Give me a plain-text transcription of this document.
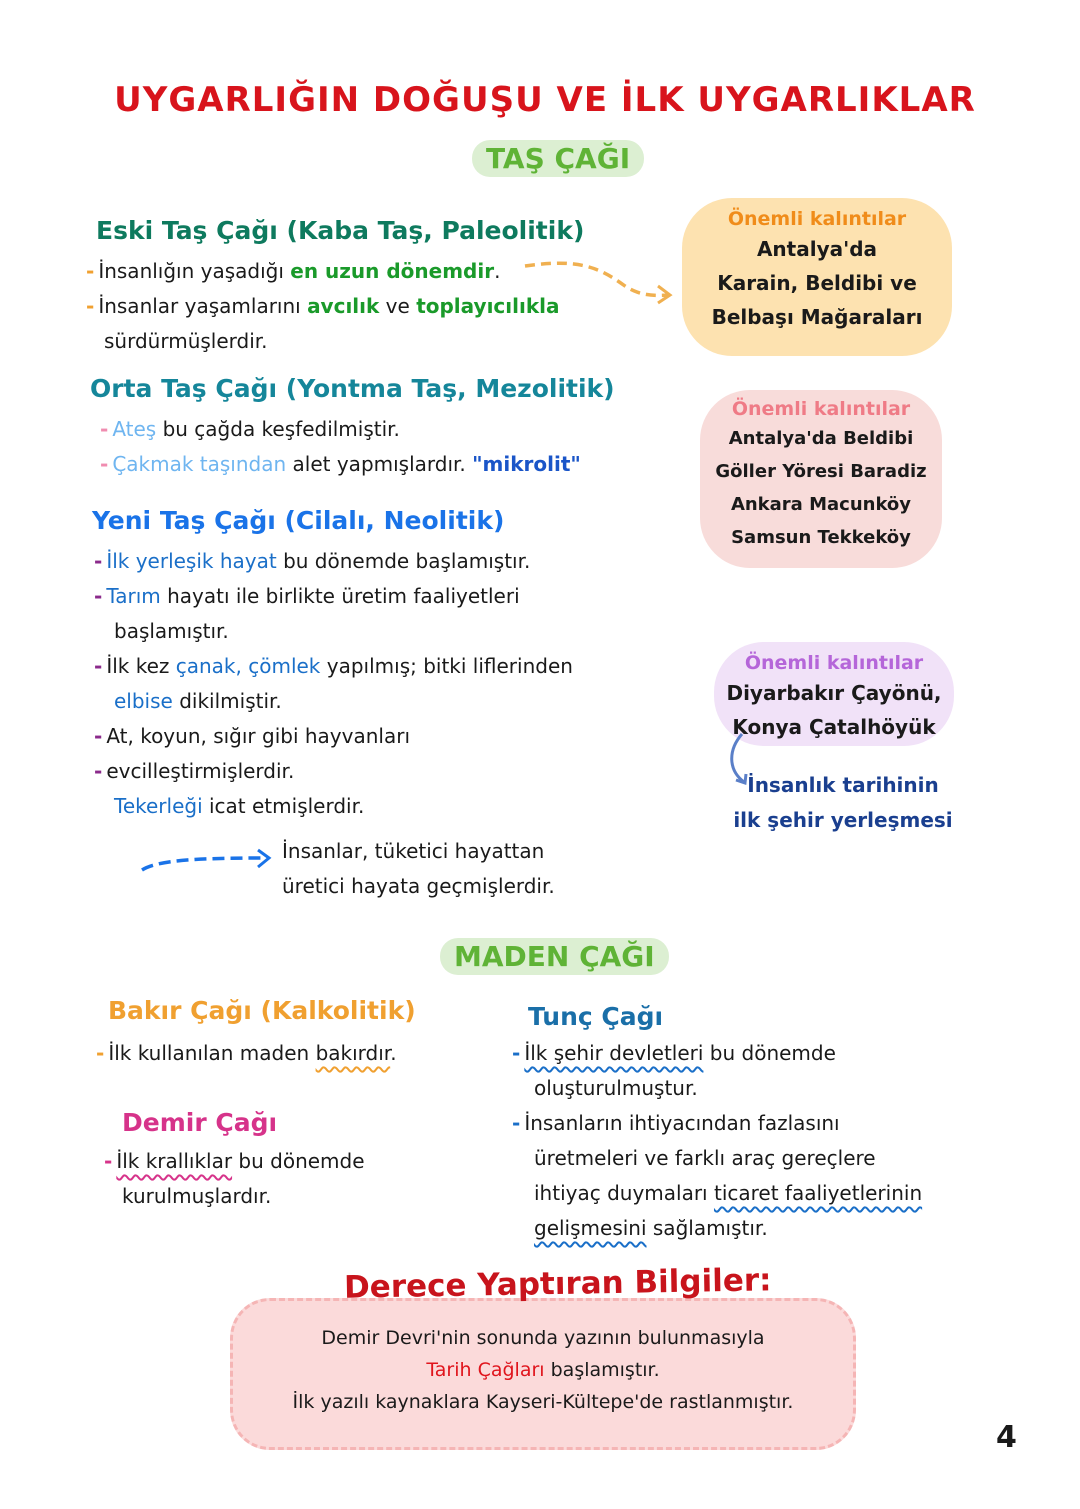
UYGARLIĞIN DOĞUŞU VE İLK UYGARLIKLAR
TAŞ ÇAĞI
Eski Taş Çağı (Kaba Taş, Paleolitik)
- İnsanlığın yaşadığı en uzun dönemdir.
- İnsanlar yaşamlarını avcılık ve toplayıcılıkla
sürdürmüşlerdir.
Önemli kalıntılar
Antalya'da
Karain, Beldibi ve
Belbaşı Mağaraları
Orta Taş Çağı (Yontma Taş, Mezolitik)
- Ateş bu çağda keşfedilmiştir.
- Çakmak taşından alet yapmışlardır. "mikrolit"
Önemli kalıntılar
Antalya'da Beldibi
Göller Yöresi Baradiz
Ankara Macunköy
Samsun Tekkeköy
Yeni Taş Çağı (Cilalı, Neolitik)
- İlk yerleşik hayat bu dönemde başlamıştır.
- Tarım hayatı ile birlikte üretim faaliyetleri
başlamıştır.
- İlk kez çanak, çömlek yapılmış; bitki liflerinden
elbise dikilmiştir.
- At, koyun, sığır gibi hayvanları
- evcilleştirmişlerdir.
Tekerleği icat etmişlerdir.
İnsanlar, tüketici hayattan
üretici hayata geçmişlerdir.
Önemli kalıntılar
Diyarbakır Çayönü,
Konya Çatalhöyük
İnsanlık tarihinin
ilk şehir yerleşmesi
MADEN ÇAĞI
Bakır Çağı (Kalkolitik)
- İlk kullanılan maden bakırdır.
Demir Çağı
- İlk krallıklar bu dönemde
kurulmuşlardır.
Tunç Çağı
- İlk şehir devletleri bu dönemde
oluşturulmuştur.
- İnsanların ihtiyacından fazlasını
üretmeleri ve farklı araç gereçlere
ihtiyaç duymaları ticaret faaliyetlerinin
gelişmesini sağlamıştır.
Derece Yaptıran Bilgiler:
Demir Devri'nin sonunda yazının bulunmasıyla
Tarih Çağları başlamıştır.
İlk yazılı kaynaklara Kayseri-Kültepe'de rastlanmıştır.
4
